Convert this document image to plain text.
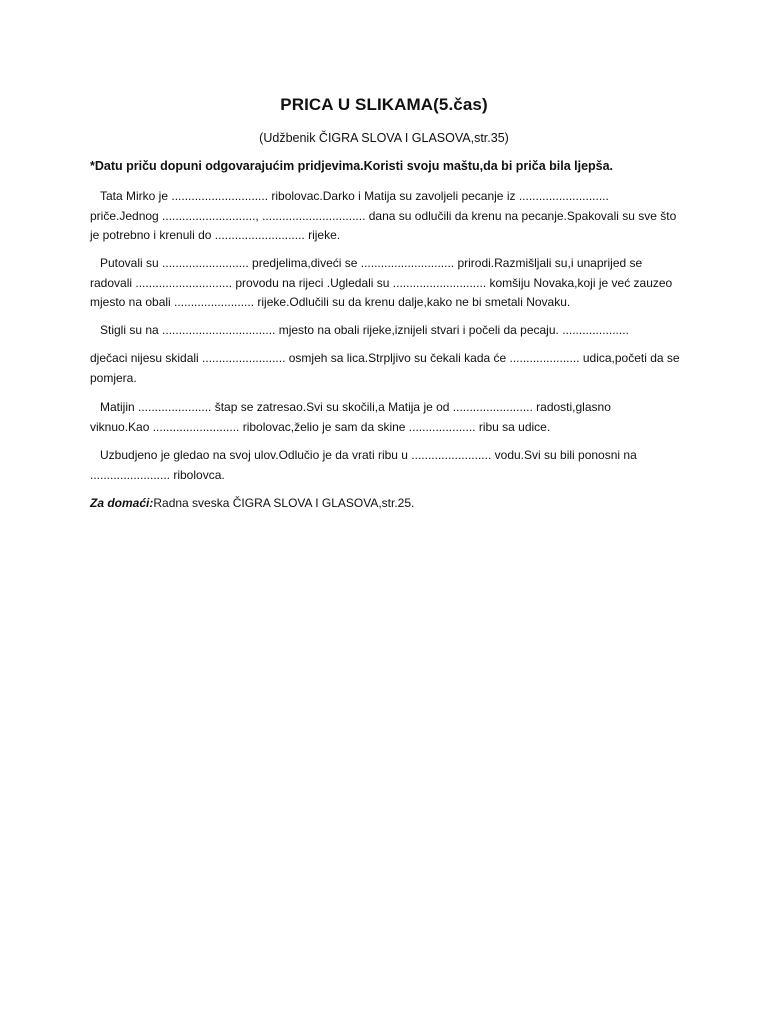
PRICA U SLIKAMA(5.čas)
(Udžbenik ČIGRA SLOVA I GLASOVA,str.35)
*Datu priču dopuni odgovarajućim pridjevima.Koristi svoju maštu,da bi priča bila ljepša.
Tata Mirko je ............................. ribolovac.Darko i Matija su zavoljeli pecanje iz ........................... priče.Jednog ............................, ............................... dana su odlučili da krenu na pecanje.Spakovali su sve što je potrebno i krenuli do ........................... rijeke.
Putovali su .......................... predjelima,diveći se ............................ prirodi.Razmišljali su,i unaprijed se radovali ............................. provodu na rijeci .Ugledali su ............................ komšiju Novaka,koji je već zauzeo mjesto na obali ........................ rijeke.Odlučili su da krenu dalje,kako ne bi smetali Novaku.
Stigli su na .................................. mjesto na obali rijeke,iznijeli stvari i počeli da pecaju. ....................
dječaci nijesu skidali ......................... osmjeh sa lica.Strpljivo su čekali kada će ..................... udica,početi da se pomjera.
Matijin ...................... štap se zatresao.Svi su skočili,a Matija je od ........................ radosti,glasno
viknuo.Kao .......................... ribolovac,želio je sam da skine .................... ribu sa udice.
Uzbudjeno je gledao na svoj ulov.Odlučio je da vrati ribu u ........................ vodu.Svi su bili ponosni na ........................ ribolovca.
Za domaći:Radna sveska ČIGRA SLOVA I GLASOVA,str.25.
